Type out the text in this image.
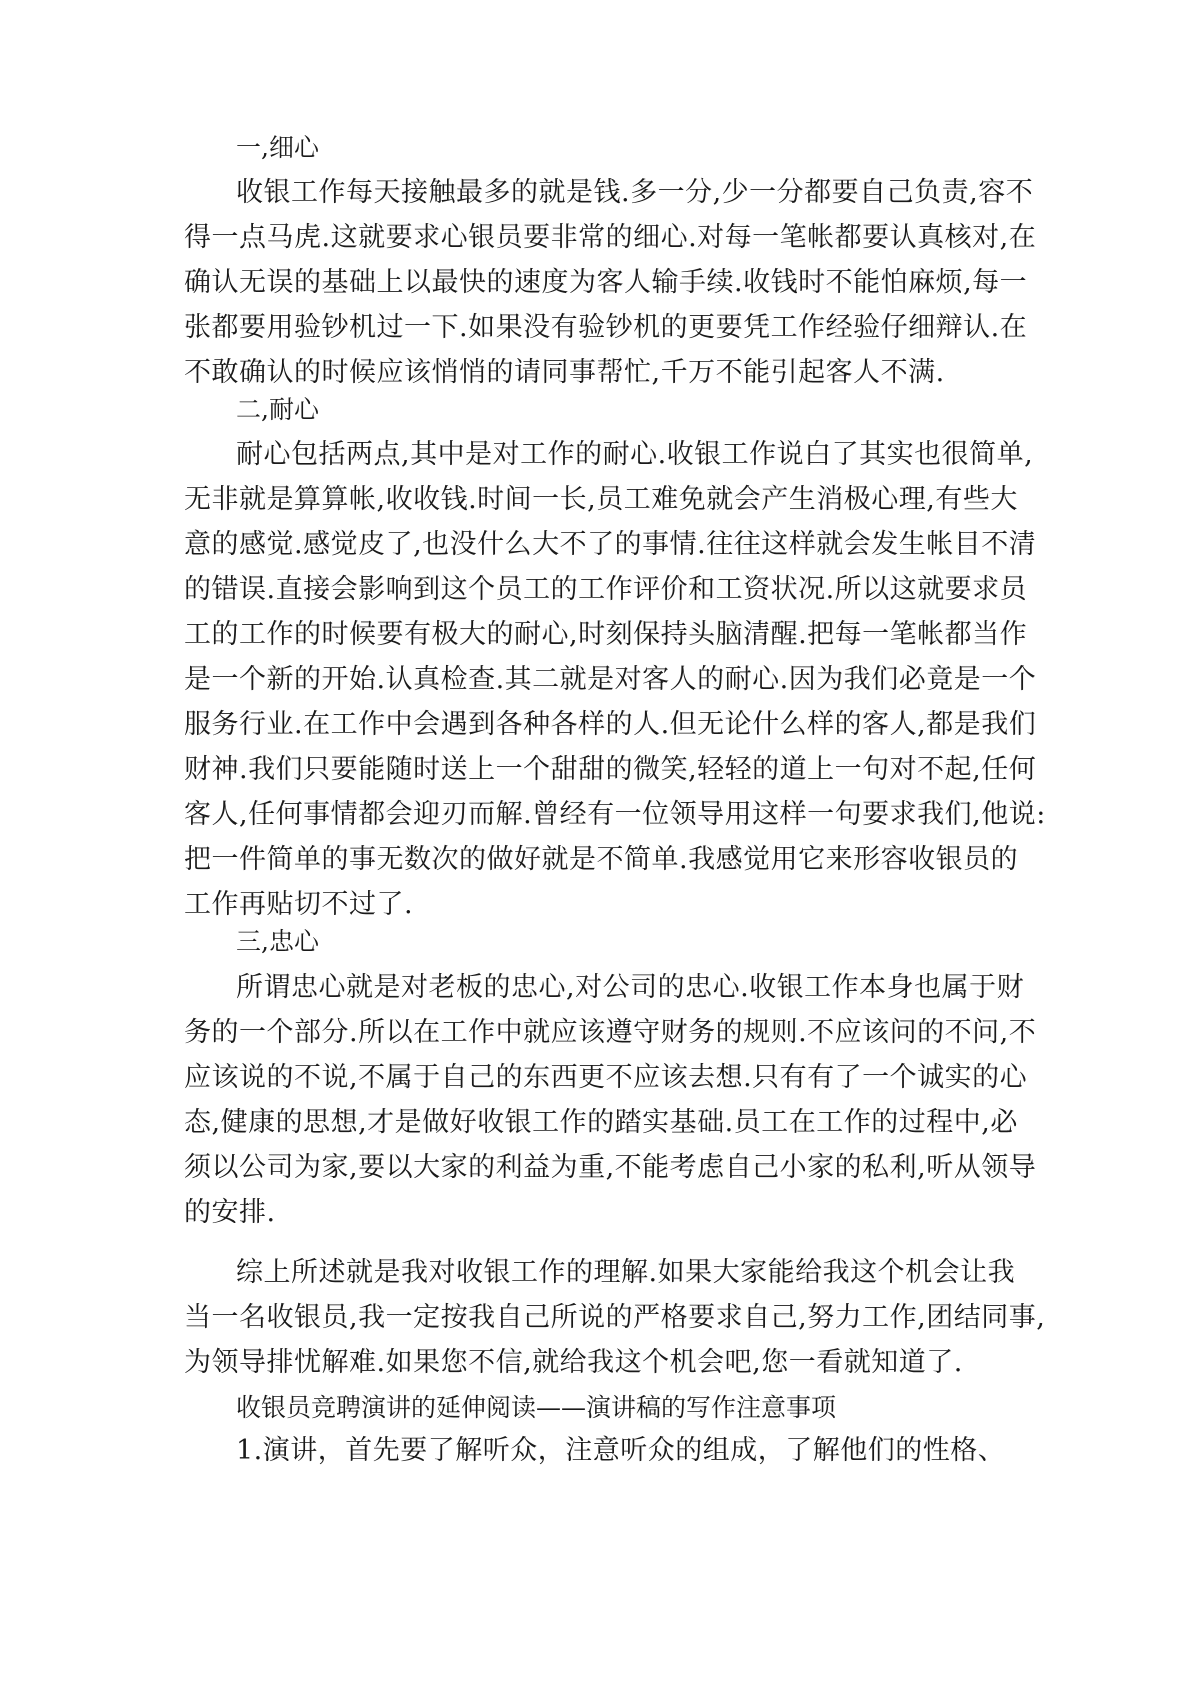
一,细心
收银工作每天接触最多的就是钱.多一分,少一分都要自己负责,容不
得一点马虎.这就要求心银员要非常的细心.对每一笔帐都要认真核对,在
确认无误的基础上以最快的速度为客人输手续.收钱时不能怕麻烦,每一
张都要用验钞机过一下.如果没有验钞机的更要凭工作经验仔细辩认.在
不敢确认的时候应该悄悄的请同事帮忙,千万不能引起客人不满.
二,耐心
耐心包括两点,其中是对工作的耐心.收银工作说白了其实也很简单,
无非就是算算帐,收收钱.时间一长,员工难免就会产生消极心理,有些大
意的感觉.感觉皮了,也没什么大不了的事情.往往这样就会发生帐目不清
的错误.直接会影响到这个员工的工作评价和工资状况.所以这就要求员
工的工作的时候要有极大的耐心,时刻保持头脑清醒.把每一笔帐都当作
是一个新的开始.认真检查.其二就是对客人的耐心.因为我们必竟是一个
服务行业.在工作中会遇到各种各样的人.但无论什么样的客人,都是我们
财神.我们只要能随时送上一个甜甜的微笑,轻轻的道上一句对不起,任何
客人,任何事情都会迎刃而解.曾经有一位领导用这样一句要求我们,他说:
把一件简单的事无数次的做好就是不简单.我感觉用它来形容收银员的
工作再贴切不过了.
三,忠心
所谓忠心就是对老板的忠心,对公司的忠心.收银工作本身也属于财
务的一个部分.所以在工作中就应该遵守财务的规则.不应该问的不问,不
应该说的不说,不属于自己的东西更不应该去想.只有有了一个诚实的心
态,健康的思想,才是做好收银工作的踏实基础.员工在工作的过程中,必
须以公司为家,要以大家的利益为重,不能考虑自己小家的私利,听从领导
的安排.
综上所述就是我对收银工作的理解.如果大家能给我这个机会让我
当一名收银员,我一定按我自己所说的严格要求自己,努力工作,团结同事,
为领导排忧解难.如果您不信,就给我这个机会吧,您一看就知道了.
收银员竞聘演讲的延伸阅读——演讲稿的写作注意事项
1.演讲，首先要了解听众，注意听众的组成，了解他们的性格、
